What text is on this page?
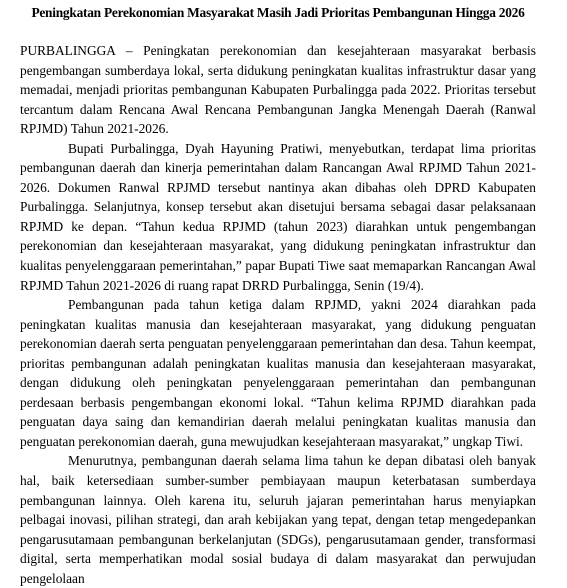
Peningkatan Perekonomian Masyarakat Masih Jadi Prioritas Pembangunan Hingga 2026

PURBALINGGA – Peningkatan perekonomian dan kesejahteraan masyarakat berbasis pengembangan sumberdaya lokal, serta didukung peningkatan kualitas infrastruktur dasar yang memadai, menjadi prioritas pembangunan Kabupaten Purbalingga pada 2022. Prioritas tersebut tercantum dalam Rencana Awal Rencana Pembangunan Jangka Menengah Daerah (Ranwal RPJMD) Tahun 2021-2026.

Bupati Purbalingga, Dyah Hayuning Pratiwi, menyebutkan, terdapat lima prioritas pembangunan daerah dan kinerja pemerintahan dalam Rancangan Awal RPJMD Tahun 2021-2026. Dokumen Ranwal RPJMD tersebut nantinya akan dibahas oleh DPRD Kabupaten Purbalingga. Selanjutnya, konsep tersebut akan disetujui bersama sebagai dasar pelaksanaan RPJMD ke depan. “Tahun kedua RPJMD (tahun 2023) diarahkan untuk pengembangan perekonomian dan kesejahteraan masyarakat, yang didukung peningkatan infrastruktur dan kualitas penyelenggaraan pemerintahan,” papar Bupati Tiwe saat memaparkan Rancangan Awal RPJMD Tahun 2021-2026 di ruang rapat DRRD Purbalingga, Senin (19/4).

Pembangunan pada tahun ketiga dalam RPJMD, yakni 2024 diarahkan pada peningkatan kualitas manusia dan kesejahteraan masyarakat, yang didukung penguatan perekonomian daerah serta penguatan penyelenggaraan pemerintahan dan desa. Tahun keempat, prioritas pembangunan adalah peningkatan kualitas manusia dan kesejahteraan masyarakat, dengan didukung oleh peningkatan penyelenggaraan pemerintahan dan pembangunan perdesaan berbasis pengembangan ekonomi lokal. “Tahun kelima RPJMD diarahkan pada penguatan daya saing dan kemandirian daerah melalui peningkatan kualitas manusia dan penguatan perekonomian daerah, guna mewujudkan kesejahteraan masyarakat,” ungkap Tiwi.

Menurutnya, pembangunan daerah selama lima tahun ke depan dibatasi oleh banyak hal, baik ketersediaan sumber-sumber pembiayaan maupun keterbatasan sumberdaya pembangunan lainnya. Oleh karena itu, seluruh jajaran pemerintahan harus menyiapkan pelbagai inovasi, pilihan strategi, dan arah kebijakan yang tepat, dengan tetap mengedepankan pengarusutamaan pembangunan berkelanjutan (SDGs), pengarusutamaan gender, transformasi digital, serta memperhatikan modal sosial budaya di dalam masyarakat dan perwujudan pengelolaan
